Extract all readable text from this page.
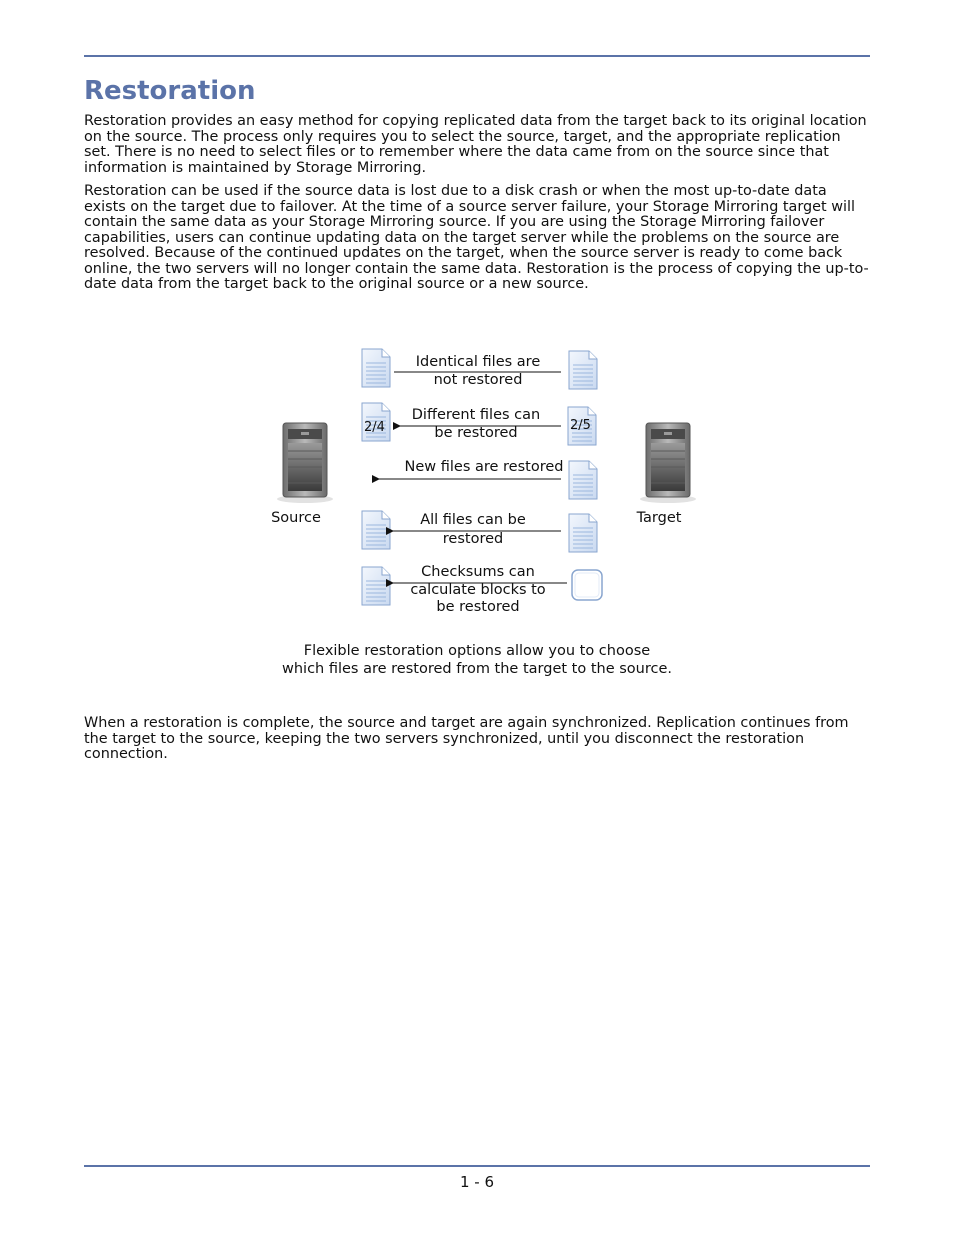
Restoration

Restoration provides an easy method for copying replicated data from the target back to its original location on the source. The process only requires you to select the source, target, and the appropriate replication set. There is no need to select files or to remember where the data came from on the source since that information is maintained by Storage Mirroring.

Restoration can be used if the source data is lost due to a disk crash or when the most up-to-date data exists on the target due to failover. At the time of a source server failure, your Storage Mirroring target will contain the same data as your Storage Mirroring source. If you are using the Storage Mirroring failover capabilities, users can continue updating data on the target server while the problems on the source are resolved. Because of the continued updates on the target, when the source server is ready to come back online, the two servers will no longer contain the same data. Restoration is the process of copying the up-to-date data from the target back to the original source or a new source.

2/4	2/5
Identical files are
not restored
Different files can
be restored
New files are restored
All files can be
restored
Checksums can
calculate blocks to
be restored
Source	Target
Flexible restoration options allow you to choose
which files are restored from the target to the source.

When a restoration is complete, the source and target are again synchronized. Replication continues from the target to the source, keeping the two servers synchronized, until you disconnect the restoration connection.

1 - 6
